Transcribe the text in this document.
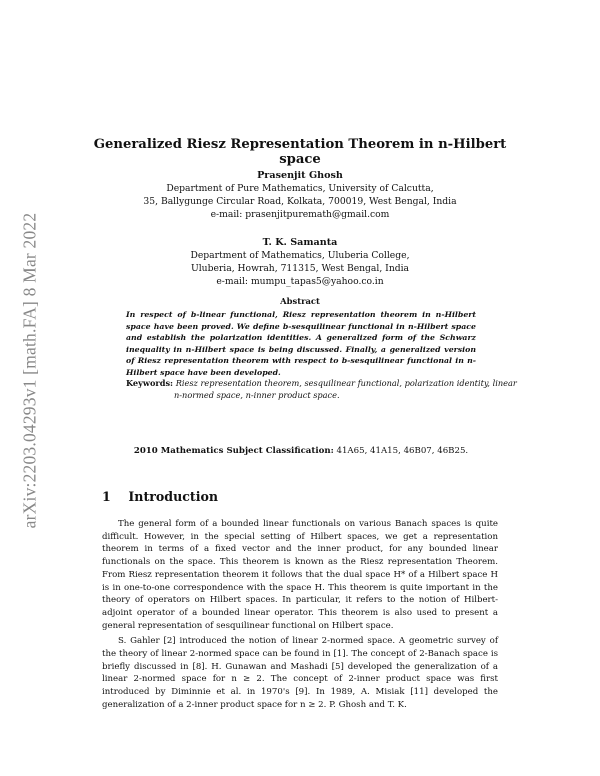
arXiv:2203.04293v1 [math.FA] 8 Mar 2022
Generalized Riesz Representation Theorem in n-Hilbert space
Prasenjit Ghosh
Department of Pure Mathematics, University of Calcutta,
35, Ballygunge Circular Road, Kolkata, 700019, West Bengal, India
e-mail: prasenjitpuremath@gmail.com
T. K. Samanta
Department of Mathematics, Uluberia College,
Uluberia, Howrah, 711315, West Bengal, India
e-mail: mumpu_tapas5@yahoo.co.in
Abstract
In respect of b-linear functional, Riesz representation theorem in n-Hilbert space have been proved. We define b-sesquilinear functional in n-Hilbert space and establish the polarization identities. A generalized form of the Schwarz inequality in n-Hilbert space is being discussed. Finally, a generalized version of Riesz representation theorem with respect to b-sesquilinear functional in n-Hilbert space have been developed.
Keywords: Riesz representation theorem, sesquilinear functional, polarization identity, linear n-normed space, n-inner product space.
2010 Mathematics Subject Classification: 41A65, 41A15, 46B07, 46B25.
1 Introduction

The general form of a bounded linear functionals on various Banach spaces is quite difficult. However, in the special setting of Hilbert spaces, we get a representation theorem in terms of a fixed vector and the inner product, for any bounded linear functionals on the space. This theorem is known as the Riesz representation Theorem. From Riesz representation theorem it follows that the dual space H* of a Hilbert space H is in one-to-one correspondence with the space H. This theorem is quite important in the theory of operators on Hilbert spaces. In particular, it refers to the notion of Hilbert-adjoint operator of a bounded linear operator. This theorem is also used to present a general representation of sesquilinear functional on Hilbert space.

S. Gahler [2] introduced the notion of linear 2-normed space. A geometric survey of the theory of linear 2-normed space can be found in [1]. The concept of 2-Banach space is briefly discussed in [8]. H. Gunawan and Mashadi [5] developed the generalization of a linear 2-normed space for n ≥ 2. The concept of 2-inner product space was first introduced by Diminnie et al. in 1970's [9]. In 1989, A. Misiak [11] developed the generalization of a 2-inner product space for n ≥ 2. P. Ghosh and T. K.
